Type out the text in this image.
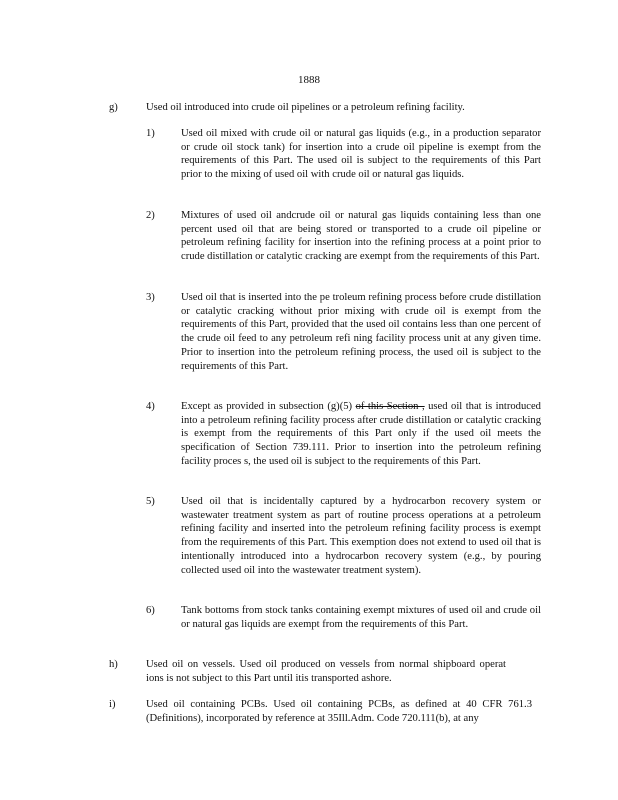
1888
g)	Used oil introduced into crude oil pipelines or a petroleum refining facility.
1) Used oil mixed with crude oil or natural gas liquids (e.g., in a production separator or crude oil stock tank) for insertion into a crude oil pipeline is exempt from the requirements of this Part. The used oil is subject to the requirements of this Part prior to the mixing of used oil with crude oil or natural gas liquids.
2) Mixtures of used oil andcrude oil or natural gas liquids containing less than one percent used oil that are being stored or transported to a crude oil pipeline or petroleum refining facility for insertion into the refining process at a point prior to crude distillation or catalytic cracking are exempt from the requirements of this Part.
3) Used oil that is inserted into the pe troleum refining process before crude distillation or catalytic cracking without prior mixing with crude oil is exempt from the requirements of this Part, provided that the used oil contains less than one percent of the crude oil feed to any petroleum refi ning facility process unit at any given time. Prior to insertion into the petroleum refining process, the used oil is subject to the requirements of this Part.
4) Except as provided in subsection (g)(5) of this Section , used oil that is introduced into a petroleum refining facility process after crude distillation or catalytic cracking is exempt from the requirements of this Part only if the used oil meets the specification of Section 739.111. Prior to insertion into the petroleum refining facility proces s, the used oil is subject to the requirements of this Part.
5) Used oil that is incidentally captured by a hydrocarbon recovery system or wastewater treatment system as part of routine process operations at a petroleum refining facility and inserted into the petroleum refining facility process is exempt from the requirements of this Part. This exemption does not extend to used oil that is intentionally introduced into a hydrocarbon recovery system (e.g., by pouring collected used oil into the wastewater treatment system).
6) Tank bottoms from stock tanks containing exempt mixtures of used oil and crude oil or natural gas liquids are exempt from the requirements of this Part.
h)	Used oil on vessels. Used oil produced on vessels from normal shipboard operat ions is not subject to this Part until itis transported ashore.
i)	Used oil containing PCBs. Used oil containing PCBs, as defined at 40 CFR 761.3 (Definitions), incorporated by reference at 35Ill.Adm. Code 720.111(b), at any
